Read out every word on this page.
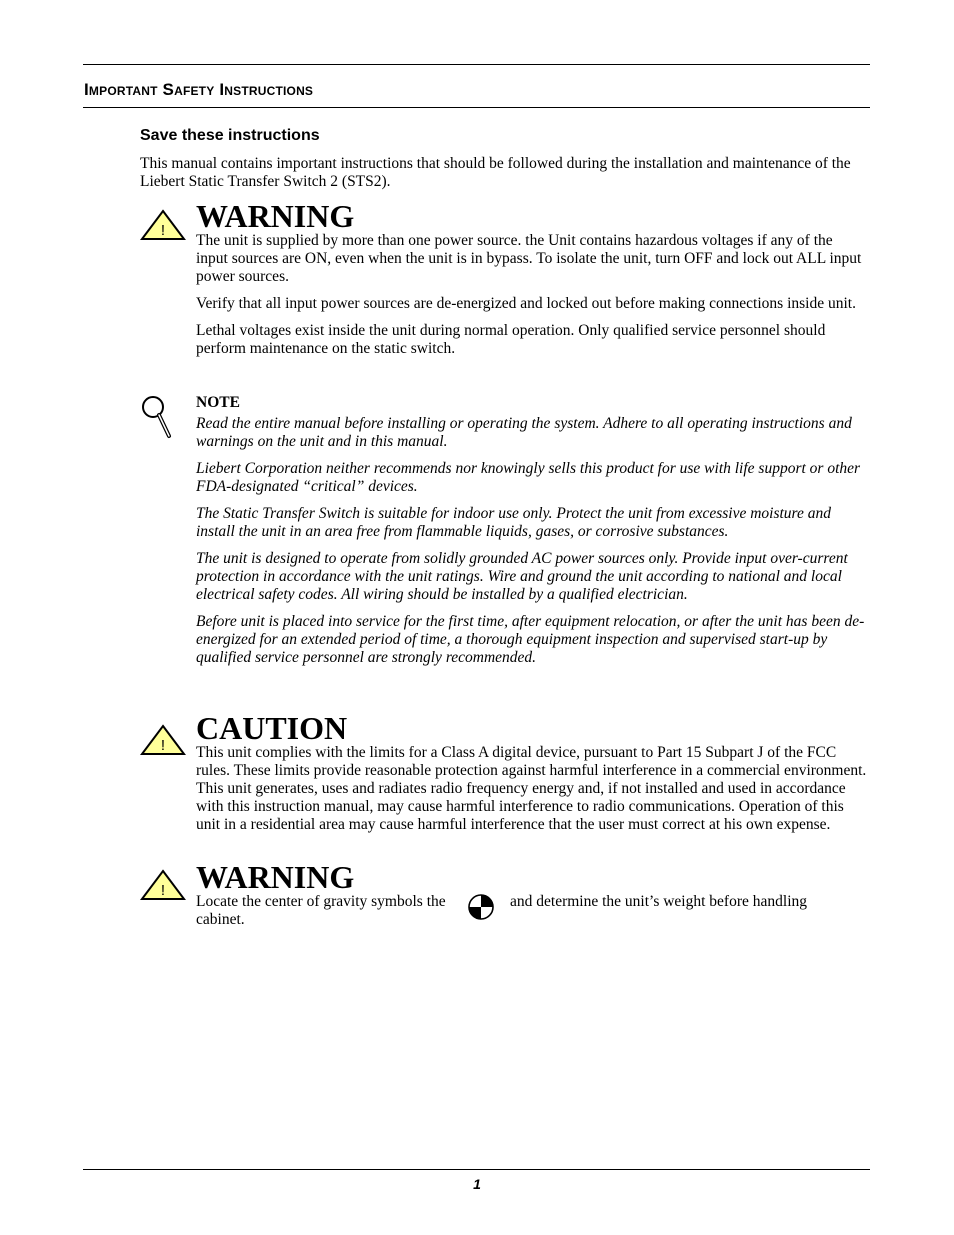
Important Safety Instructions
Save these instructions

This manual contains important instructions that should be followed during the installation and maintenance of the Liebert Static Transfer Switch 2 (STS2).

! WARNING

The unit is supplied by more than one power source. the Unit contains hazardous voltages if any of the input sources are ON, even when the unit is in bypass. To isolate the unit, turn OFF and lock out ALL input power sources.

Verify that all input power sources are de-energized and locked out before making connections inside unit.

Lethal voltages exist inside the unit during normal operation. Only qualified service personnel should perform maintenance on the static switch.

NOTE

Read the entire manual before installing or operating the system. Adhere to all operating instructions and warnings on the unit and in this manual.

Liebert Corporation neither recommends nor knowingly sells this product for use with life support or other FDA-designated “critical” devices.

The Static Transfer Switch is suitable for indoor use only. Protect the unit from excessive moisture and install the unit in an area free from flammable liquids, gases, or corrosive substances.

The unit is designed to operate from solidly grounded AC power sources only. Provide input over-current protection in accordance with the unit ratings. Wire and ground the unit according to national and local electrical safety codes. All wiring should be installed by a qualified electrician.

Before unit is placed into service for the first time, after equipment relocation, or after the unit has been de-energized for an extended period of time, a thorough equipment inspection and supervised start-up by qualified service personnel are strongly recommended.

! CAUTION

This unit complies with the limits for a Class A digital device, pursuant to Part 15 Subpart J of the FCC rules. These limits provide reasonable protection against harmful interference in a commercial environment. This unit generates, uses and radiates radio frequency energy and, if not installed and used in accordance with this instruction manual, may cause harmful interference to radio communications. Operation of this unit in a residential area may cause harmful interference that the user must correct at his own expense.

! WARNING
Locate the center of gravity symbols the cabinet.and determine the unit’s weight before handling
1
